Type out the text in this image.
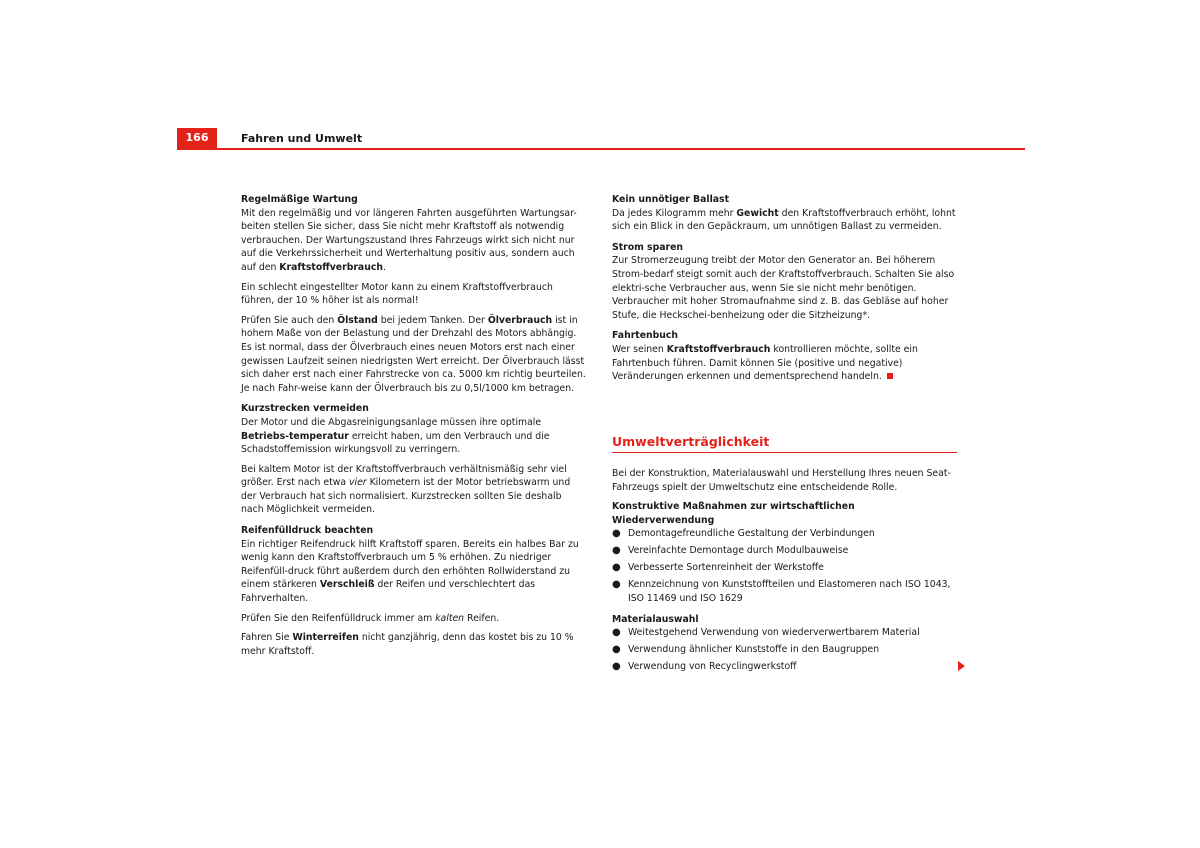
166	Fahren und Umwelt
Regelmäßige Wartung

Mit den regelmäßig und vor längeren Fahrten ausgeführten Wartungsar-beiten stellen Sie sicher, dass Sie nicht mehr Kraftstoff als notwendig verbrauchen. Der Wartungszustand Ihres Fahrzeugs wirkt sich nicht nur auf die Verkehrssicherheit und Werterhaltung positiv aus, sondern auch auf den Kraftstoffverbrauch.

Ein schlecht eingestellter Motor kann zu einem Kraftstoffverbrauch führen, der 10 % höher ist als normal!

Prüfen Sie auch den Ölstand bei jedem Tanken. Der Ölverbrauch ist in hohem Maße von der Belastung und der Drehzahl des Motors abhängig. Es ist normal, dass der Ölverbrauch eines neuen Motors erst nach einer gewissen Laufzeit seinen niedrigsten Wert erreicht. Der Ölverbrauch lässt sich daher erst nach einer Fahrstrecke von ca. 5000 km richtig beurteilen. Je nach Fahr-weise kann der Ölverbrauch bis zu 0,5l/1000 km betragen.

Kurzstrecken vermeiden

Der Motor und die Abgasreinigungsanlage müssen ihre optimale Betriebs-temperatur erreicht haben, um den Verbrauch und die Schadstoffemission wirkungsvoll zu verringern.

Bei kaltem Motor ist der Kraftstoffverbrauch verhältnismäßig sehr viel größer. Erst nach etwa vier Kilometern ist der Motor betriebswarm und der Verbrauch hat sich normalisiert. Kurzstrecken sollten Sie deshalb nach Möglichkeit vermeiden.

Reifenfülldruck beachten

Ein richtiger Reifendruck hilft Kraftstoff sparen. Bereits ein halbes Bar zu wenig kann den Kraftstoffverbrauch um 5 % erhöhen. Zu niedriger Reifenfüll-druck führt außerdem durch den erhöhten Rollwiderstand zu einem stärkeren Verschleiß der Reifen und verschlechtert das Fahrverhalten.

Prüfen Sie den Reifenfülldruck immer am kalten Reifen.

Fahren Sie Winterreifen nicht ganzjährig, denn das kostet bis zu 10 % mehr Kraftstoff.

Kein unnötiger Ballast

Da jedes Kilogramm mehr Gewicht den Kraftstoffverbrauch erhöht, lohnt sich ein Blick in den Gepäckraum, um unnötigen Ballast zu vermeiden.

Strom sparen

Zur Stromerzeugung treibt der Motor den Generator an. Bei höherem Strom-bedarf steigt somit auch der Kraftstoffverbrauch. Schalten Sie also elektri-sche Verbraucher aus, wenn Sie sie nicht mehr benötigen. Verbraucher mit hoher Stromaufnahme sind z. B. das Gebläse auf hoher Stufe, die Heckschei-benheizung oder die Sitzheizung*.

Fahrtenbuch

Wer seinen Kraftstoffverbrauch kontrollieren möchte, sollte ein Fahrtenbuch führen. Damit können Sie (positive und negative) Veränderungen erkennen und dementsprechend handeln.

Umweltverträglichkeit

Bei der Konstruktion, Materialauswahl und Herstellung Ihres neuen Seat-Fahrzeugs spielt der Umweltschutz eine entscheidende Rolle.

Konstruktive Maßnahmen zur wirtschaftlichen Wiederverwendung
● Demontagefreundliche Gestaltung der Verbindungen
● Vereinfachte Demontage durch Modulbauweise
● Verbesserte Sortenreinheit der Werkstoffe
● Kennzeichnung von Kunststoffteilen und Elastomeren nach ISO 1043, ISO 11469 und ISO 1629
Materialauswahl
● Weitestgehend Verwendung von wiederverwertbarem Material
● Verwendung ähnlicher Kunststoffe in den Baugruppen
● Verwendung von Recyclingwerkstoff
